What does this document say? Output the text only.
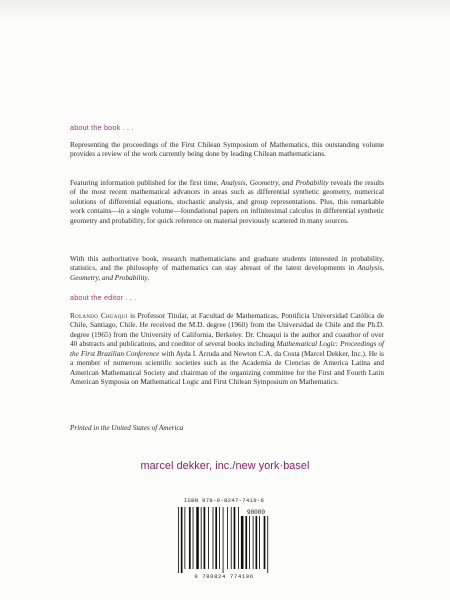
about the book . . .
Representing the proceedings of the First Chilean Symposium of Mathematics, this outstanding volume provides a review of the work currently being done by leading Chilean mathematicians.
Featuring information published for the first time, Analysis, Geometry, and Probability reveals the results of the most recent mathematical advances in areas such as differential synthetic geometry, numerical solutions of differential equations, stochastic analysis, and group representations. Plus, this remarkable work contains—in a single volume—foundational papers on infinitesimal calculus in differential synthetic geometry and probability, for quick reference on material previously scattered in many sources.
With this authoritative book, research mathematicians and graduate students interested in probability, statistics, and the philosophy of mathematics can stay abreast of the latest developments in Analysis, Geometry, and Probability.
about the editor . . .
Rolando Chuaqui is Professor Titular, at Facultad de Mathematicas, Pontificia Universidad Católica de Chile, Santiago, Chile. He received the M.D. degree (1960) from the Universidad de Chile and the Ph.D. degree (1965) from the University of California, Berkeley. Dr. Chuaqui is the author and coauthor of over 40 abstracts and publications, and coeditor of several books including Mathematical Logic: Proceedings of the First Brazilian Conference with Ayda I. Arruda and Newton C.A. da Costa (Marcel Dekker, Inc.). He is a member of numerous scientific societies such as the Academia de Ciencias de America Latina and American Mathematical Society and chairman of the organizing committee for the First and Fourth Latin American Symposia on Mathematical Logic and First Chilean Symposium on Mathematics.
Printed in the United States of America
marcel dekker, inc./new york·basel
ISBN 978-0-8247-7419-6
90000
9 780824 774196
